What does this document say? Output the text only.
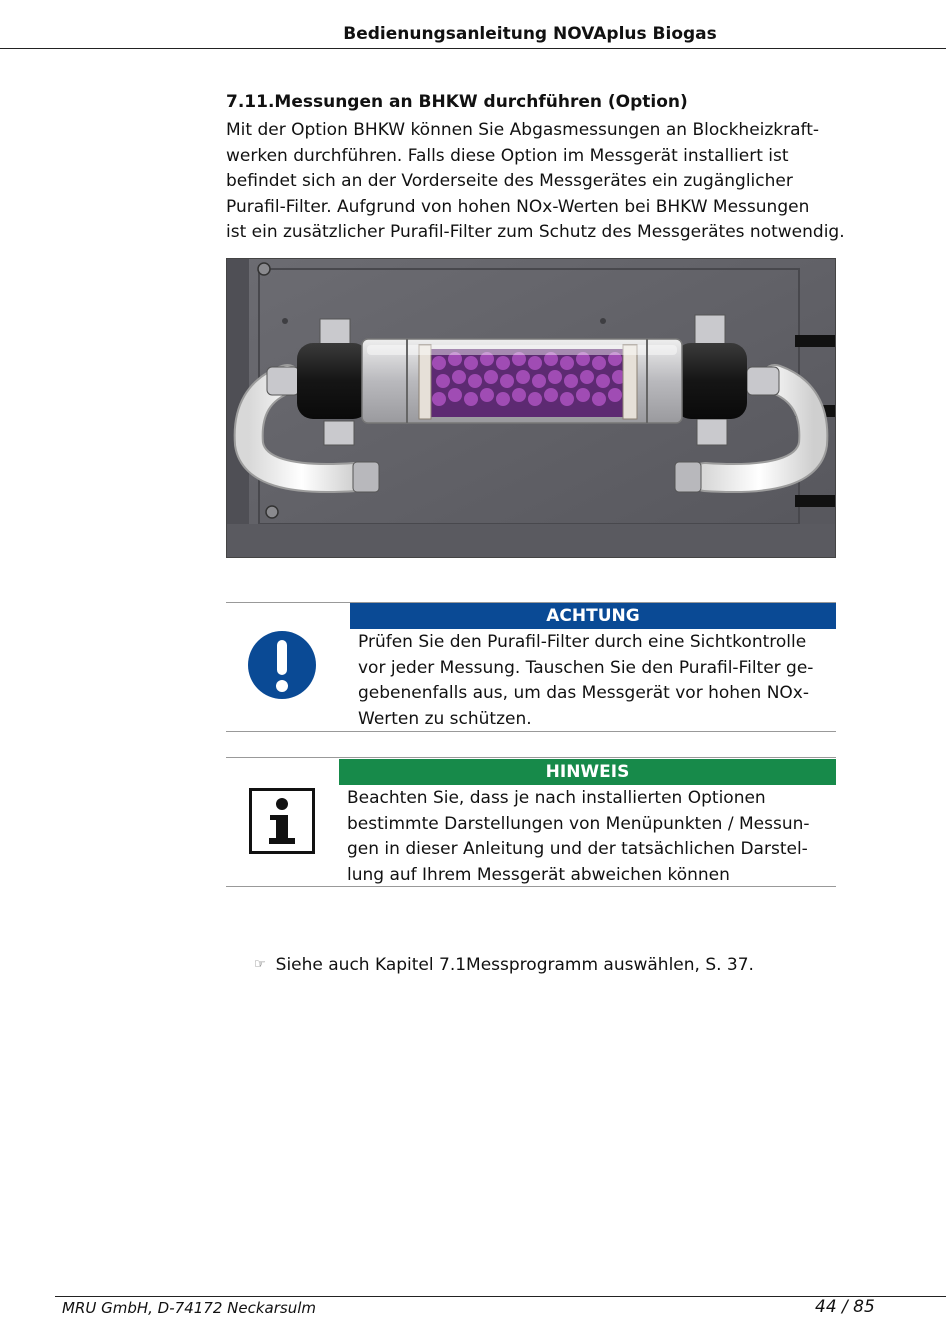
Bedienungsanleitung NOVAplus Biogas
7.11.Messungen an BHKW durchführen (Option)
Mit der Option BHKW können Sie Abgasmessungen an Blockheizkraft-
werken durchführen. Falls diese Option im Messgerät installiert ist
befindet sich an der Vorderseite des Messgerätes ein zugänglicher
Purafil-Filter. Aufgrund von hohen NOx-Werten bei BHKW Messungen
ist ein zusätzlicher Purafil-Filter zum Schutz des Messgerätes notwendig.
ACHTUNG
Prüfen Sie den Purafil-Filter durch eine Sichtkontrolle
vor jeder Messung. Tauschen Sie den Purafil-Filter ge-
gebenenfalls aus, um das Messgerät vor hohen NOx-
Werten zu schützen.
HINWEIS
Beachten Sie, dass je nach installierten Optionen
bestimmte Darstellungen von Menüpunkten / Messun-
gen in dieser Anleitung und der tatsächlichen Darstel-
lung auf Ihrem Messgerät abweichen können
☞ Siehe auch Kapitel 7.1Messprogramm auswählen, S. 37.
MRU GmbH, D-74172 Neckarsulm	44 / 85
